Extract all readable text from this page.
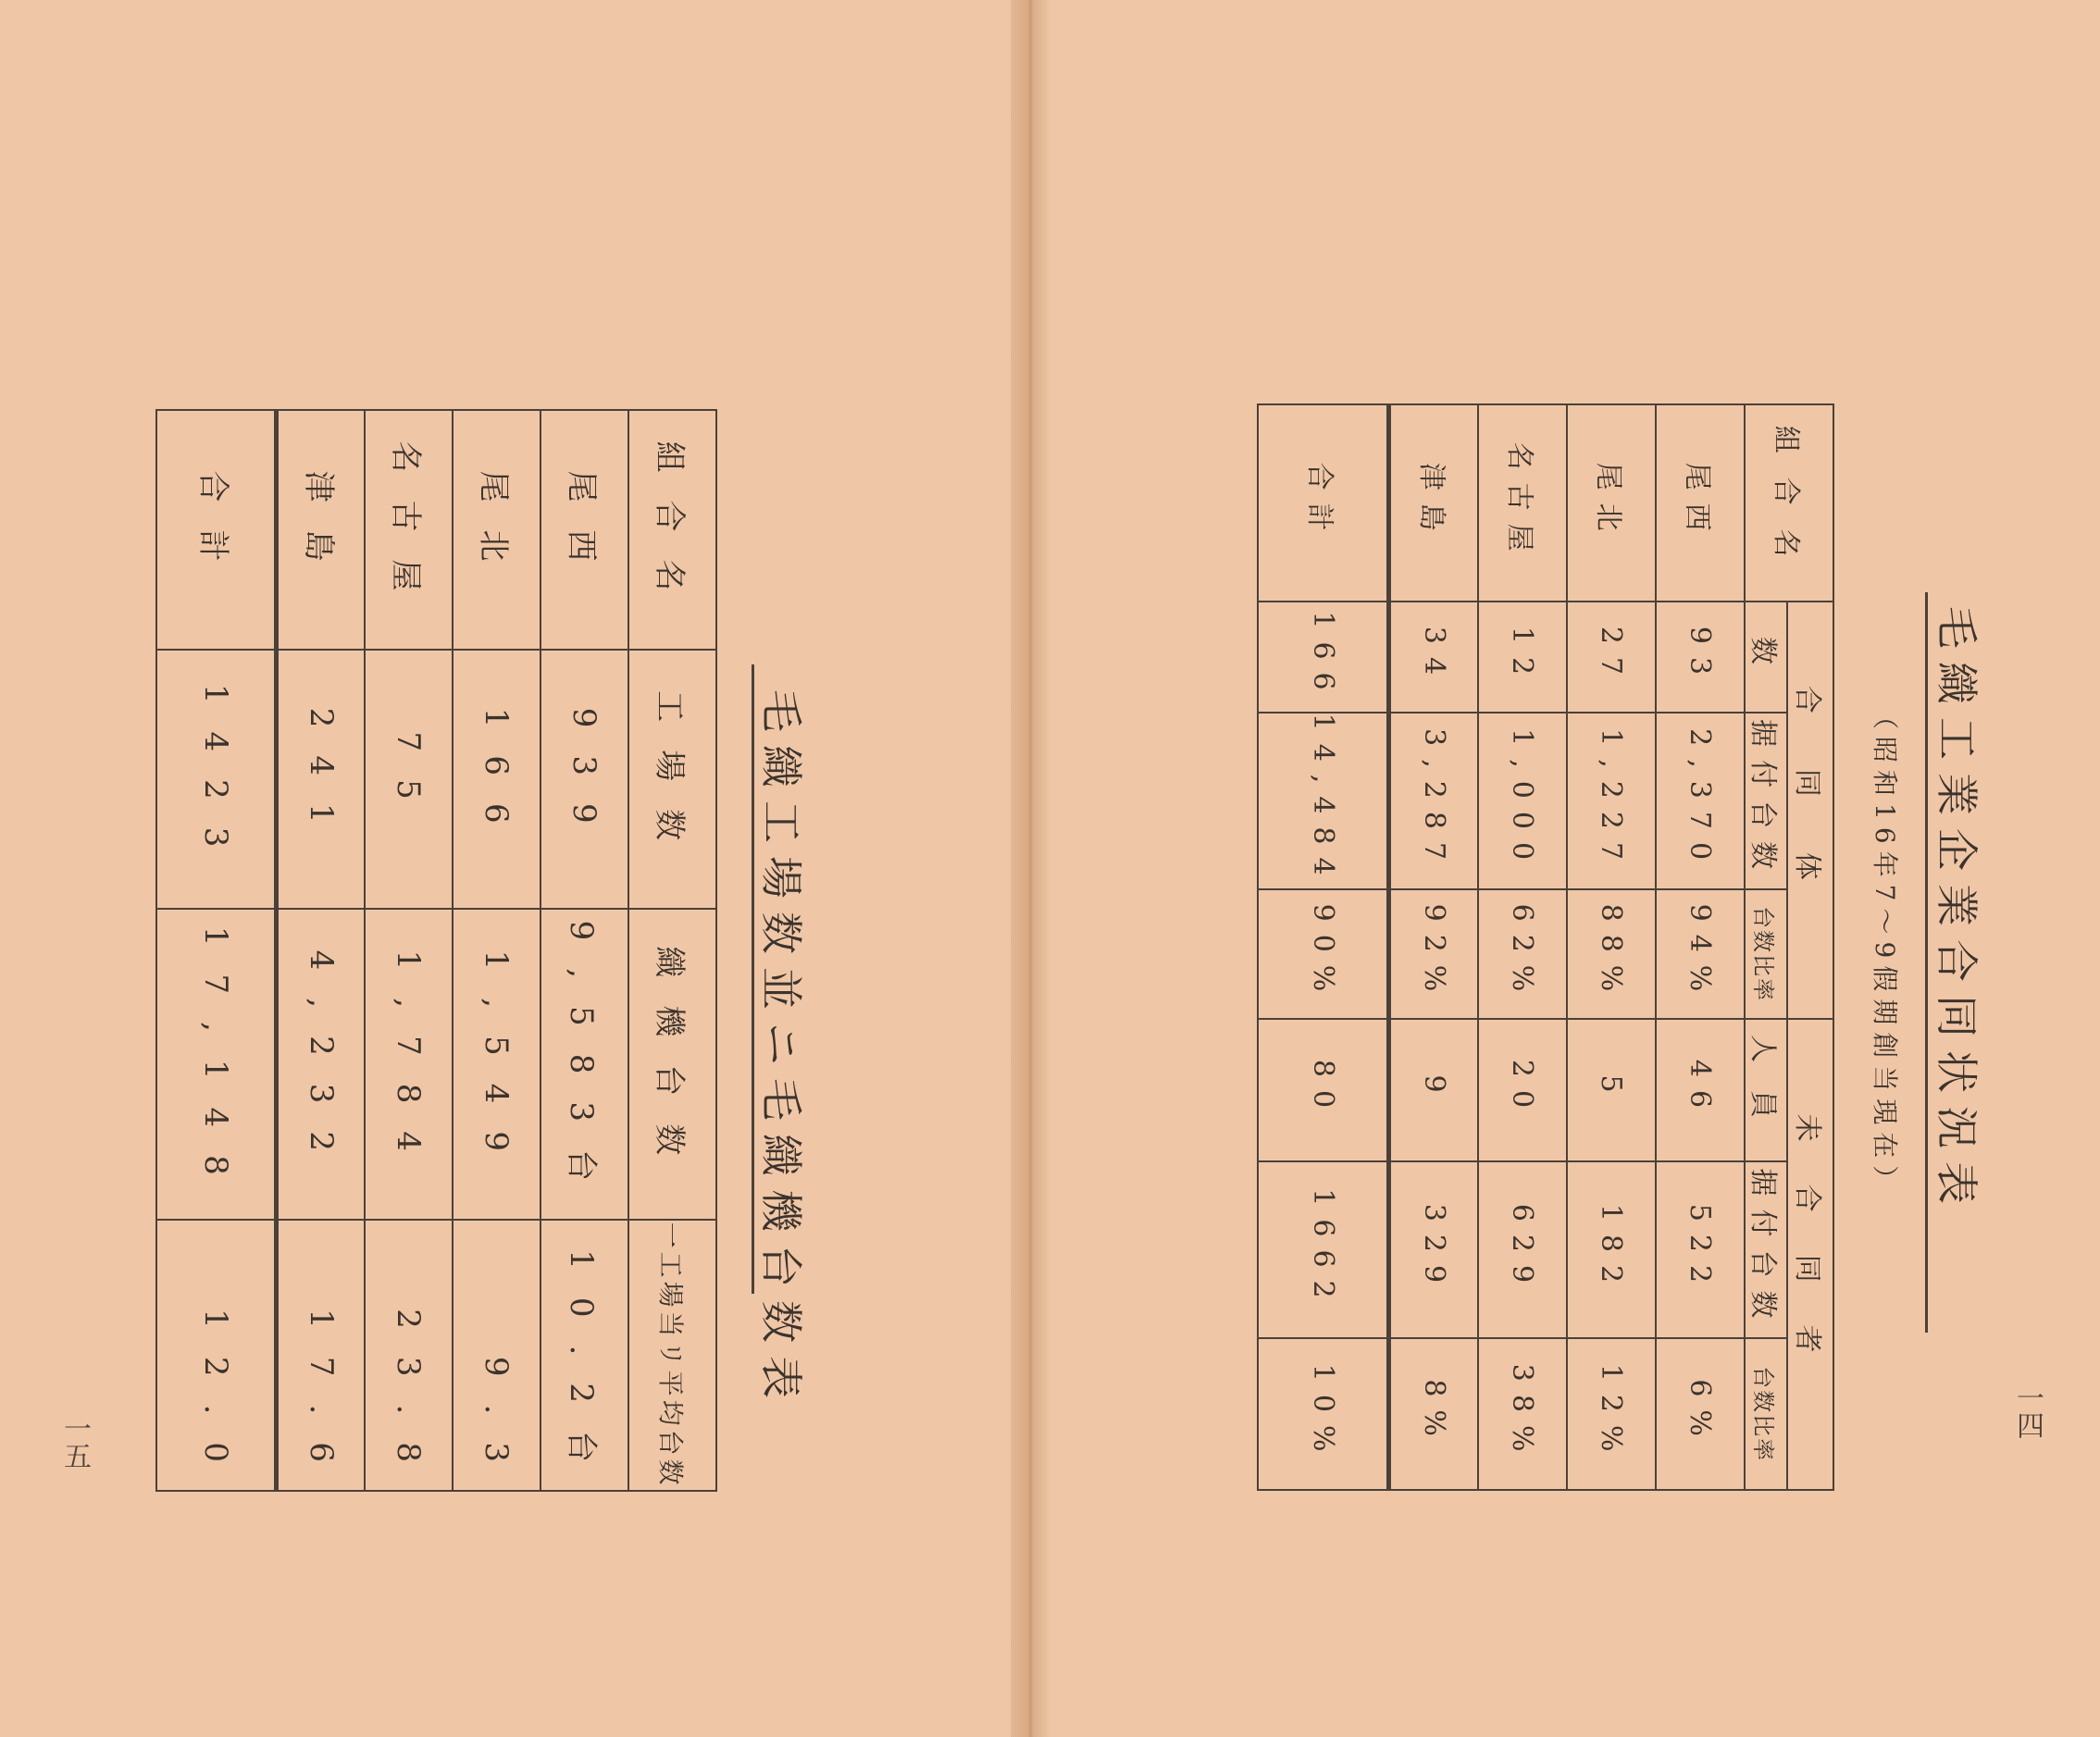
組合名	工場数	織機台数	一工場当リ平均台数
尾西	939	9,583台	10.2台
尾北	166	1,549	9.3
名古屋	75	1,784	23.8
津島	241	4,232	17.6
合計	1423	17,148	12.0	毛織工場数並ニ毛織機台数表
一五
組合名	合同体			未合同者		
	数	据付台数	台数比率	人員	据付台数	台数比率
尾西	93	2,370	94%	46	522	6%
尾北	27	1,227	88%	5	182	12%
名古屋	12	1,000	62%	20	629	38%
津島	34	3,287	92%	9	329	8%
合計	166	14,484	90%	80	1662	10%
毛織工業企業合同状況表
（昭和16年7～9假期創当現在）
一四
